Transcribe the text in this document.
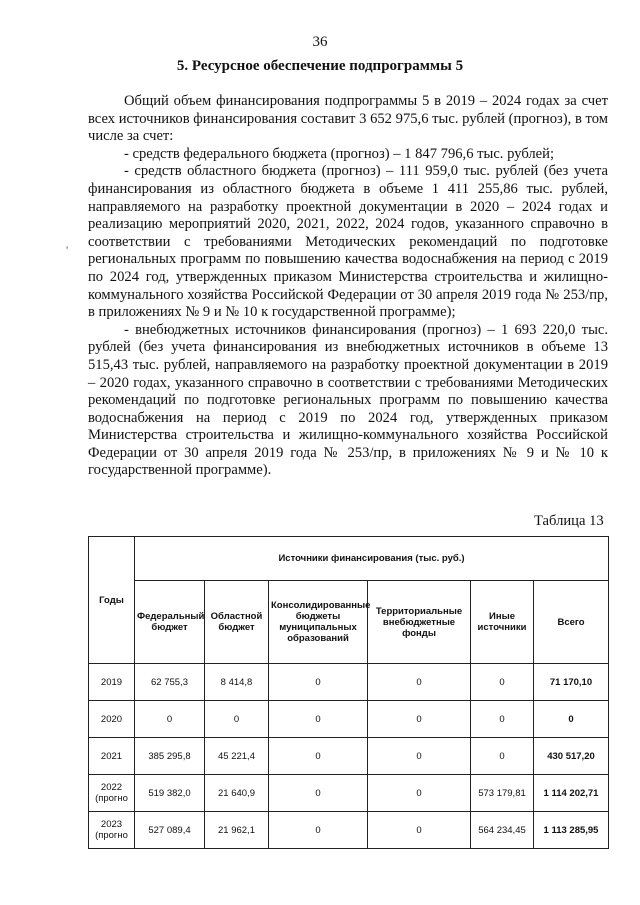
36
5. Ресурсное обеспечение подпрограммы 5
'

Общий объем финансирования подпрограммы 5 в 2019 – 2024 годах за счет всех источников финансирования составит 3 652 975,6 тыс. рублей (прогноз), в том числе за счет:

- средств федерального бюджета (прогноз) – 1 847 796,6 тыс. рублей;

- средств областного бюджета (прогноз) – 111 959,0 тыс. рублей (без учета финансирования из областного бюджета в объеме 1 411 255,86 тыс. рублей, направляемого на разработку проектной документации в 2020 – 2024 годах и реализацию мероприятий 2020, 2021, 2022, 2024 годов, указанного справочно в соответствии с требованиями Методических рекомендаций по подготовке региональных программ по повышению качества водоснабжения на период с 2019 по 2024 год, утвержденных приказом Министерства строительства и жилищно-коммунального хозяйства Российской Федерации от 30 апреля 2019 года № 253/пр, в приложениях № 9 и № 10 к государственной программе);

- внебюджетных источников финансирования (прогноз) – 1 693 220,0 тыс. рублей (без учета финансирования из внебюджетных источников в объеме 13 515,43 тыс. рублей, направляемого на разработку проектной документации в 2019 – 2020 годах, указанного справочно в соответствии с требованиями Методических рекомендаций по подготовке региональных программ по повышению качества водоснабжения на период с 2019 по 2024 год, утвержденных приказом Министерства строительства и жилищно-коммунального хозяйства Российской Федерации от 30 апреля 2019 года № 253/пр, в приложениях № 9 и № 10 к государственной программе).

Таблица 13
Годы	Источники финансирования (тыс. руб.)					
	Федеральный бюджет	Областной бюджет	Консолидированные бюджеты муниципальных образований	Территориальные внебюджетные фонды	Иные источники	Всего
2019	62 755,3	8 414,8	0	0	0	71 170,10
2020	0	0	0	0	0	0
2021	385 295,8	45 221,4	0	0	0	430 517,20
2022 (прогно	519 382,0	21 640,9	0	0	573 179,81	1 114 202,71
2023 (прогно	527 089,4	21 962,1	0	0	564 234,45	1 113 285,95
